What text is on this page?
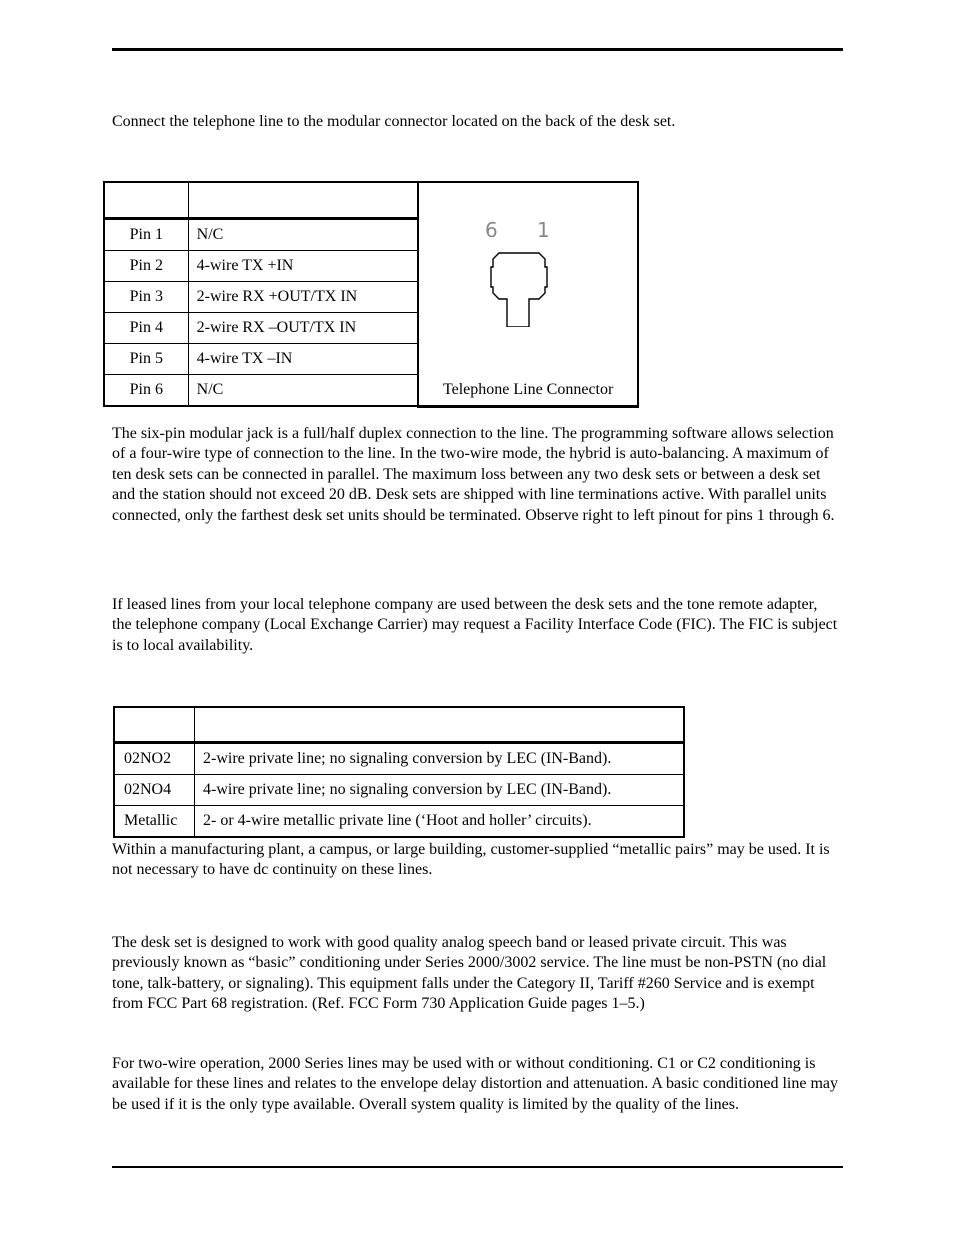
Connect the telephone line to the modular connector located on the back of the desk set.

6 1
Telephone Line Connector
Pin 1	N/C	
Pin 2	4-wire TX +IN	
Pin 3	2-wire RX +OUT/TX IN	
Pin 4	2-wire RX –OUT/TX IN	
Pin 5	4-wire TX –IN	
Pin 6	N/C	

The six-pin modular jack is a full/half duplex connection to the line. The programming software allows selection of a four-wire type of connection to the line. In the two-wire mode, the hybrid is auto-balancing. A maximum of ten desk sets can be connected in parallel. The maximum loss between any two desk sets or between a desk set and the station should not exceed 20 dB. Desk sets are shipped with line terminations active. With parallel units connected, only the farthest desk set units should be terminated. Observe right to left pinout for pins 1 through 6.

If leased lines from your local telephone company are used between the desk sets and the tone remote adapter, the telephone company (Local Exchange Carrier) may request a Facility Interface Code (FIC). The FIC is subject is to local availability.

02NO2	2-wire private line; no signaling conversion by LEC (IN-Band).
02NO4	4-wire private line; no signaling conversion by LEC (IN-Band).
Metallic	2- or 4-wire metallic private line (‘Hoot and holler’ circuits).

Within a manufacturing plant, a campus, or large building, customer-supplied “metallic pairs” may be used. It is not necessary to have dc continuity on these lines.

The desk set is designed to work with good quality analog speech band or leased private circuit. This was previously known as “basic” conditioning under Series 2000/3002 service. The line must be non-PSTN (no dial tone, talk-battery, or signaling). This equipment falls under the Category II, Tariff #260 Service and is exempt from FCC Part 68 registration. (Ref. FCC Form 730 Application Guide pages 1–5.)

For two-wire operation, 2000 Series lines may be used with or without conditioning. C1 or C2 conditioning is available for these lines and relates to the envelope delay distortion and attenuation. A basic conditioned line may be used if it is the only type available. Overall system quality is limited by the quality of the lines.
